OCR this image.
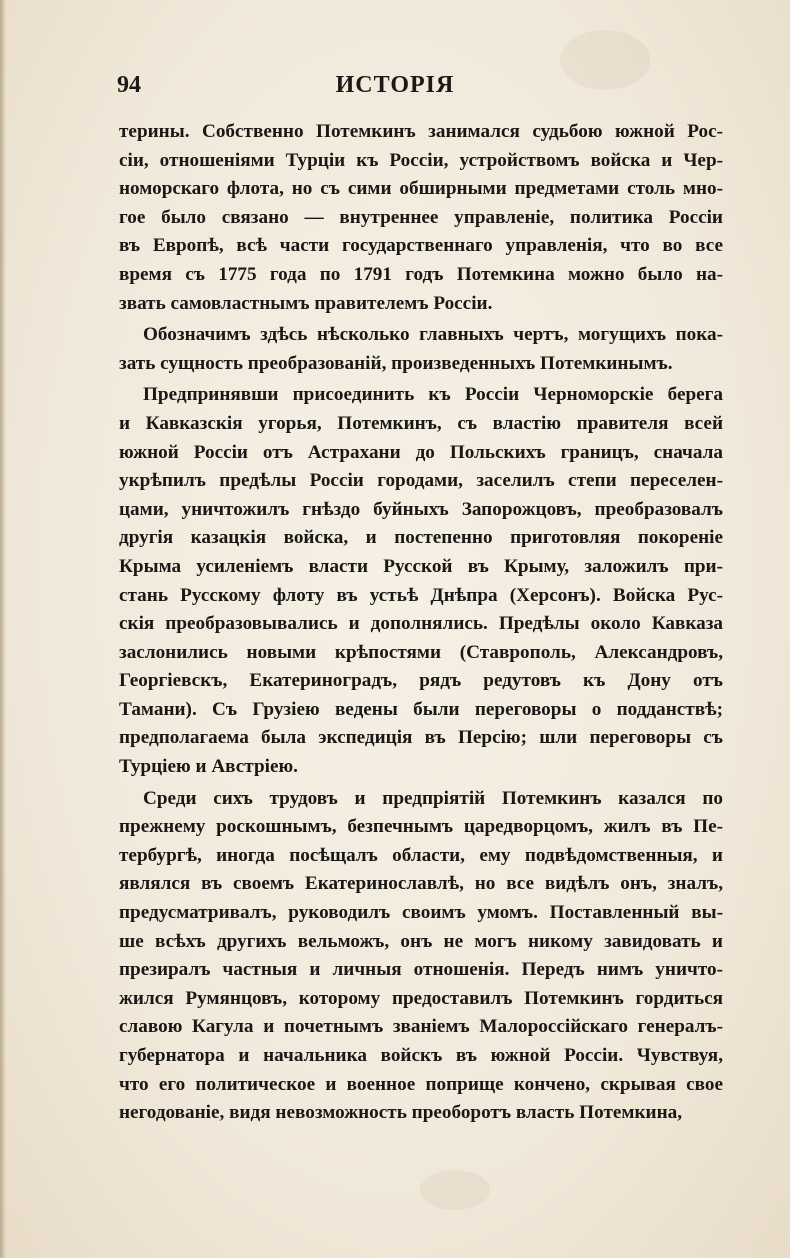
94	ИСТОРІЯ
терины. Собственно Потемкинъ занимался судьбою южной Рос-
сіи, отношеніями Турціи къ Россіи, устройствомъ войска и Чер-
номорскаго флота, но съ сими обширными предметами столь мно-
гое было связано — внутреннее управленіе, политика Россіи
въ Европѣ, всѣ части государственнаго управленія, что во все
время съ 1775 года по 1791 годъ Потемкина можно было на-
звать самовластнымъ правителемъ Россіи.
Обозначимъ здѣсь нѣсколько главныхъ чертъ, могущихъ пока-
зать сущность преобразованій, произведенныхъ Потемкинымъ.
Предпринявши присоединить къ Россіи Черноморскіе берега
и Кавказскія угорья, Потемкинъ, съ властію правителя всей
южной Россіи отъ Астрахани до Польскихъ границъ, сначала
укрѣпилъ предѣлы Россіи городами, заселилъ степи переселен-
цами, уничтожилъ гнѣздо буйныхъ Запорожцовъ, преобразовалъ
другія казацкія войска, и постепенно приготовляя покореніе
Крыма усиленіемъ власти Русской въ Крыму, заложилъ при-
стань Русскому флоту въ устьѣ Днѣпра (Херсонъ). Войска Рус-
скія преобразовывались и дополнялись. Предѣлы около Кавказа
заслонились новыми крѣпостями (Ставрополь, Александровъ,
Георгіевскъ, Екатериноградъ, рядъ редутовъ къ Дону отъ
Тамани). Съ Грузіею ведены были переговоры о подданствѣ;
предполагаема была экспедиція въ Персію; шли переговоры съ
Турціею и Австріею.
Среди сихъ трудовъ и предпріятій Потемкинъ казался по
прежнему роскошнымъ, безпечнымъ царедворцомъ, жилъ въ Пе-
тербургѣ, иногда посѣщалъ области, ему подвѣдомственныя, и
являлся въ своемъ Екатеринославлѣ, но все видѣлъ онъ, зналъ,
предусматривалъ, руководилъ своимъ умомъ. Поставленный вы-
ше всѣхъ другихъ вельможъ, онъ не могъ никому завидовать и
презиралъ частныя и личныя отношенія. Передъ нимъ уничто-
жился Румянцовъ, которому предоставилъ Потемкинъ гордиться
славою Кагула и почетнымъ званіемъ Малороссійскаго генералъ-
губернатора и начальника войскъ въ южной Россіи. Чувствуя,
что его политическое и военное поприще кончено, скрывая свое
негодованіе, видя невозможность преоборотъ власть Потемкина,
